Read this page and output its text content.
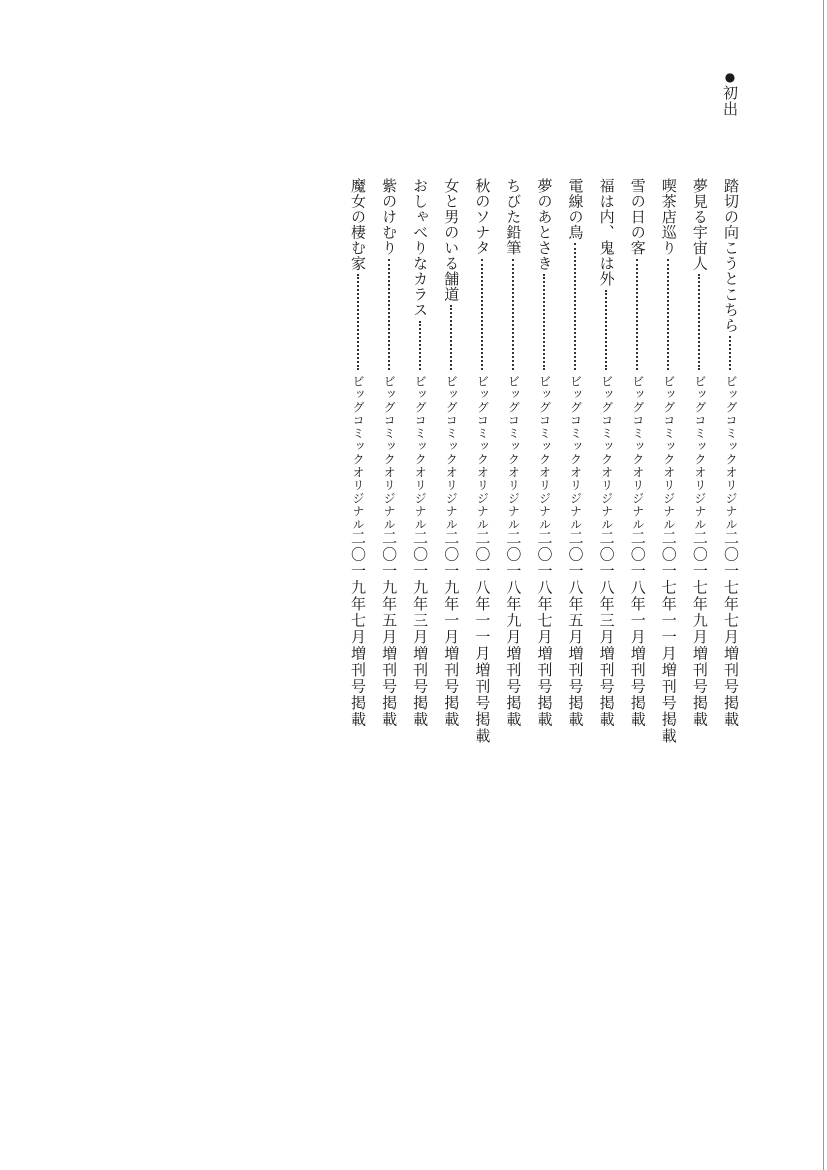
●
初出
踏切の向こうとこちら
ビッグコミックオリジナル
二〇一七年七月増刊号掲載
夢見る宇宙人
ビッグコミックオリジナル
二〇一七年九月増刊号掲載
喫茶店巡り
ビッグコミックオリジナル
二〇一七年一一月増刊号掲載
雪の日の客
ビッグコミックオリジナル
二〇一八年一月増刊号掲載
福は内、鬼は外
ビッグコミックオリジナル
二〇一八年三月増刊号掲載
電線の鳥
ビッグコミックオリジナル
二〇一八年五月増刊号掲載
夢のあとさき
ビッグコミックオリジナル
二〇一八年七月増刊号掲載
ちびた鉛筆
ビッグコミックオリジナル
二〇一八年九月増刊号掲載
秋のソナタ
ビッグコミックオリジナル
二〇一八年一一月増刊号掲載
女と男のいる舗道
ビッグコミックオリジナル
二〇一九年一月増刊号掲載
おしゃべりなカラス
ビッグコミックオリジナル
二〇一九年三月増刊号掲載
紫のけむり
ビッグコミックオリジナル
二〇一九年五月増刊号掲載
魔女の棲む家
ビッグコミックオリジナル
二〇一九年七月増刊号掲載
